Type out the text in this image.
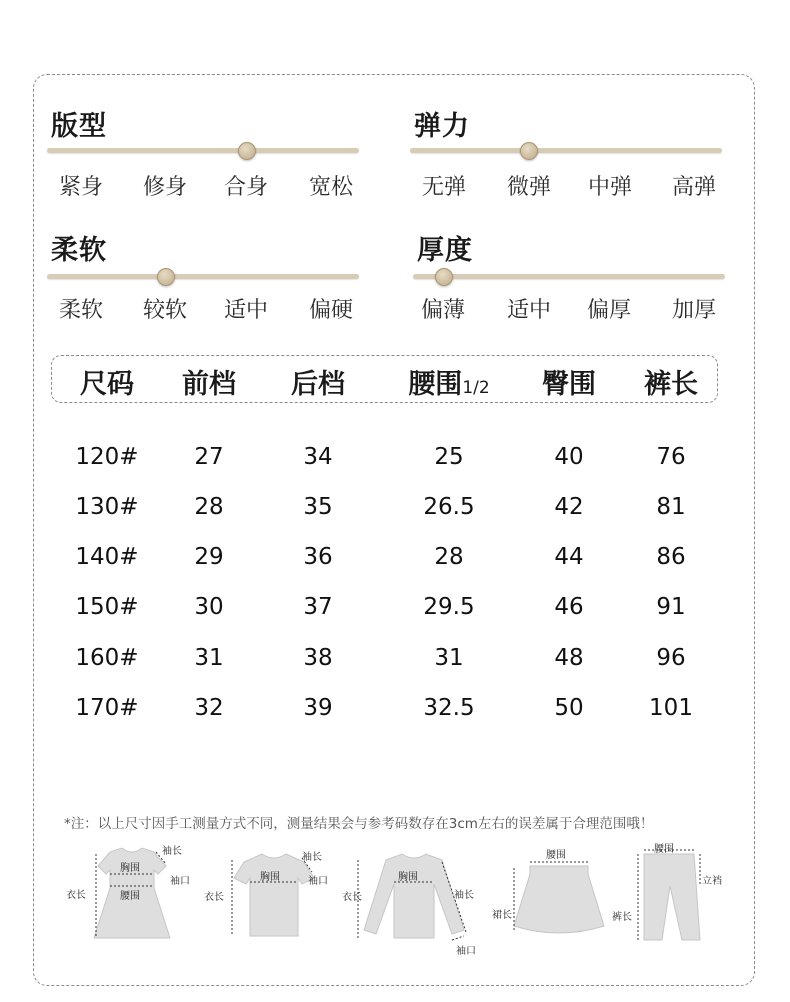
版型
紧身	修身	合身	宽松
弹力
无弹	微弹	中弹	高弹
柔软
柔软	较软	适中	偏硬
厚度
偏薄	适中	偏厚	加厚
尺码	前档	后档	腰围1/2	臀围	裤长
120#	27	34	25	40	76
130#	28	35	26.5	42	81
140#	29	36	28	44	86
150#	30	37	29.5	46	91
160#	31	38	31	48	96
170#	32	39	32.5	50	101
*注：以上尺寸因手工测量方式不同，测量结果会与参考码数存在3cm左右的误差属于合理范围哦！
胸围
腰围
袖长
袖口
衣长
胸围
袖长
袖口
衣长
胸围
袖长
袖口
衣长
腰围
裙长
腰围
立裆
裤长
